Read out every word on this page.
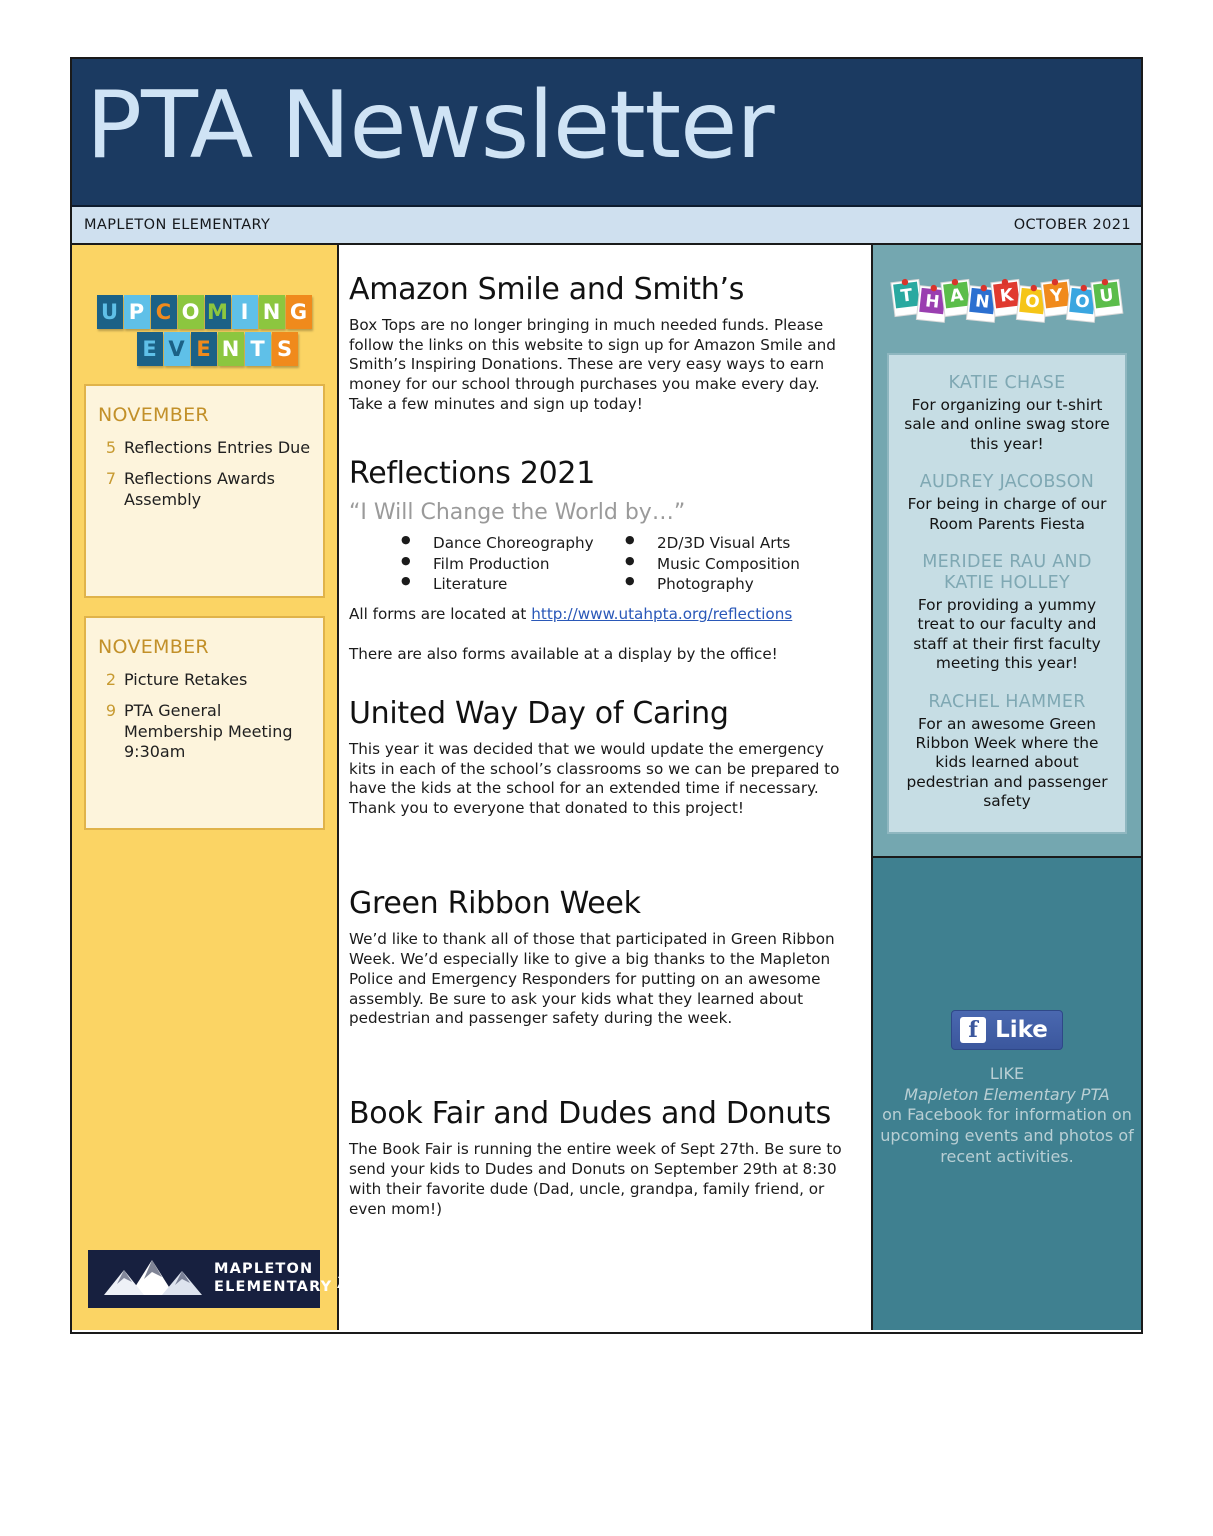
PTA Newsletter
MAPLETON ELEMENTARY	OCTOBER 2021
U P C O M I N G

E V E N T S
NOVEMBER
5 Reflections Entries Due
7 Reflections Awards Assembly
NOVEMBER
2 Picture Retakes
9 PTA General Membership Meeting 9:30am
MAPLETON
ELEMENTARY
Amazon Smile and Smith’s

Box Tops are no longer bringing in much needed funds. Please follow the links on this website to sign up for Amazon Smile and Smith’s Inspiring Donations. These are very easy ways to earn money for our school through purchases you make every day. Take a few minutes and sign up today!

Reflections 2021
“I Will Change the World by…”
● Dance Choreography
● Film Production
● Literature
● 2D/3D Visual Arts
● Music Composition
● Photography

All forms are located at http://www.utahpta.org/reflections

There are also forms available at a display by the office!

United Way Day of Caring

This year it was decided that we would update the emergency kits in each of the school’s classrooms so we can be prepared to have the kids at the school for an extended time if necessary. Thank you to everyone that donated to this project!

Green Ribbon Week

We’d like to thank all of those that participated in Green Ribbon Week. We’d especially like to give a big thanks to the Mapleton Police and Emergency Responders for putting on an awesome assembly. Be sure to ask your kids what they learned about pedestrian and passenger safety during the week.

Book Fair and Dudes and Donuts

The Book Fair is running the entire week of Sept 27th. Be sure to send your kids to Dudes and Donuts on September 29th at 8:30 with their favorite dude (Dad, uncle, grandpa, family friend, or even mom!)

T H A N K O Y O U
KATIE CHASE
For organizing our t-shirt sale and online swag store this year!
AUDREY JACOBSON
For being in charge of our Room Parents Fiesta
MERIDEE RAU AND KATIE HOLLEY
For providing a yummy treat to our faculty and staff at their first faculty meeting this year!
RACHEL HAMMER
For an awesome Green Ribbon Week where the kids learned about pedestrian and passenger safety
f Like
LIKE
Mapleton Elementary PTA
on Facebook for information on upcoming events and photos of recent activities.
